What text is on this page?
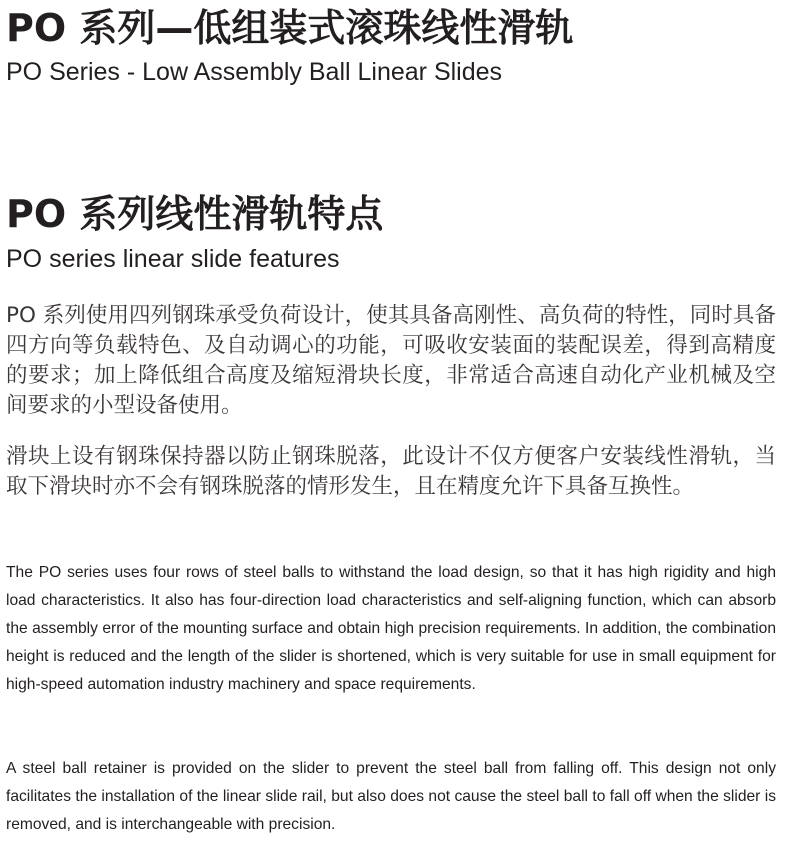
PO 系列—低组装式滚珠线性滑轨
PO Series - Low Assembly Ball Linear Slides
PO 系列线性滑轨特点
PO series linear slide features

PO 系列使用四列钢珠承受负荷设计，使其具备高刚性、高负荷的特性，同时具备四方向等负载特色、及自动调心的功能，可吸收安装面的装配误差，得到高精度的要求；加上降低组合高度及缩短滑块长度，非常适合高速自动化产业机械及空间要求的小型设备使用。

滑块上设有钢珠保持器以防止钢珠脱落，此设计不仅方便客户安装线性滑轨，当取下滑块时亦不会有钢珠脱落的情形发生，且在精度允许下具备互换性。

The PO series uses four rows of steel balls to withstand the load design, so that it has high rigidity and high load characteristics. It also has four-direction load characteristics and self-aligning function, which can absorb the assembly error of the mounting surface and obtain high precision requirements. In addition, the combination height is reduced and the length of the slider is shortened, which is very suitable for use in small equipment for high-speed automation industry machinery and space requirements.

A steel ball retainer is provided on the slider to prevent the steel ball from falling off. This design not only facilitates the installation of the linear slide rail, but also does not cause the steel ball to fall off when the slider is removed, and is interchangeable with precision.
